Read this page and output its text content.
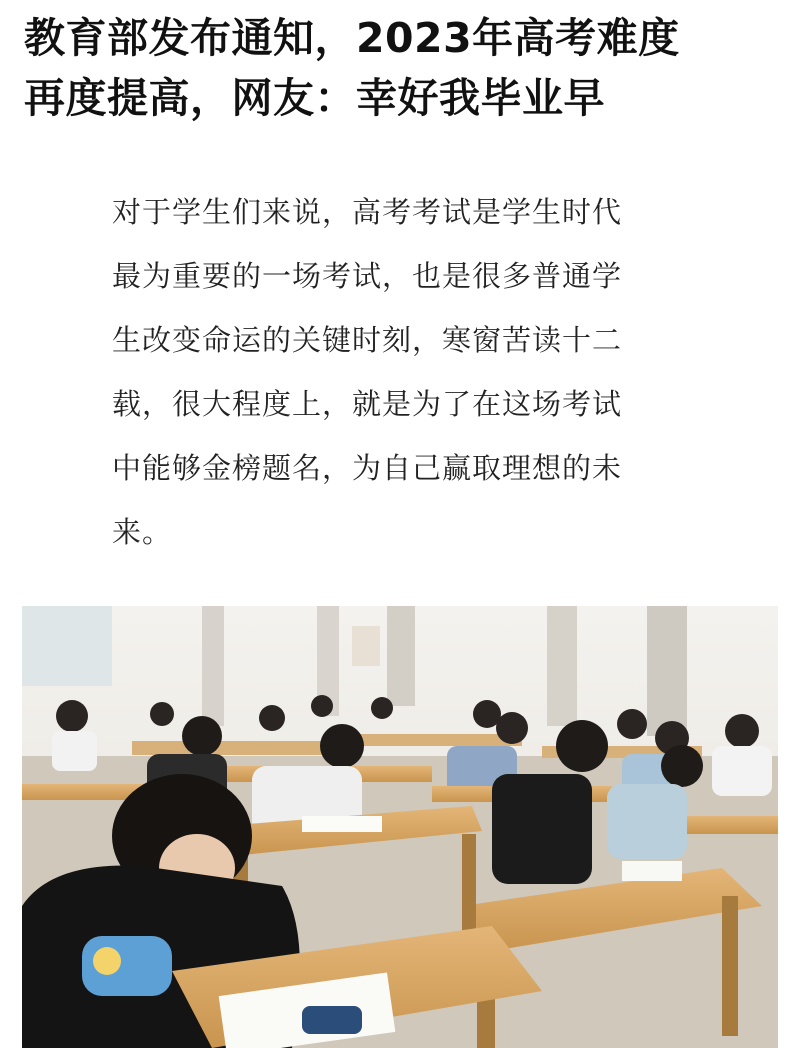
教育部发布通知，2023年高考难度
再度提高，网友：幸好我毕业早
对于学生们来说，高考考试是学生时代
最为重要的一场考试，也是很多普通学
生改变命运的关键时刻，寒窗苦读十二
载，很大程度上，就是为了在这场考试
中能够金榜题名，为自己赢取理想的未
来。
